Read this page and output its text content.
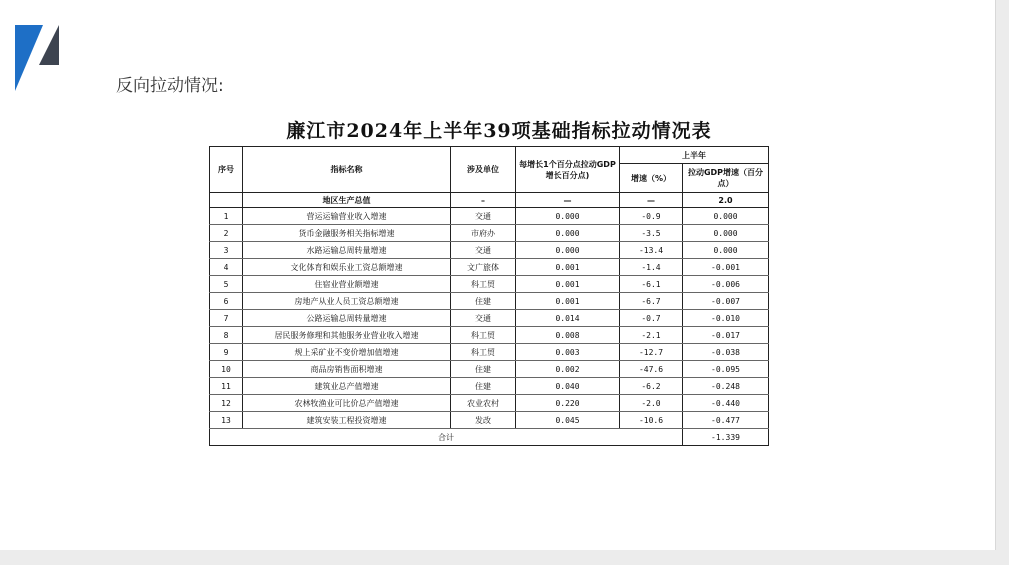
反向拉动情况:
廉江市2024年上半年39项基础指标拉动情况表
序号	指标名称	涉及单位	每增长1个百分点拉动GDP增长百分点)	上半年	
				增速（%）	拉动GDP增速（百分点）
	地区生产总值	–	—	—	2.0
1	营运运输营业收入增速	交通	0.000	-0.9	0.000
2	货币金融服务相关指标增速	市府办	0.000	-3.5	0.000
3	水路运输总周转量增速	交通	0.000	-13.4	0.000
4	文化体育和娱乐业工资总额增速	文广旅体	0.001	-1.4	-0.001
5	住宿业营业额增速	科工贸	0.001	-6.1	-0.006
6	房地产从业人员工资总额增速	住建	0.001	-6.7	-0.007
7	公路运输总周转量增速	交通	0.014	-0.7	-0.010
8	居民服务修理和其他服务业营业收入增速	科工贸	0.008	-2.1	-0.017
9	规上采矿业不变价增加值增速	科工贸	0.003	-12.7	-0.038
10	商品房销售面积增速	住建	0.002	-47.6	-0.095
11	建筑业总产值增速	住建	0.040	-6.2	-0.248
12	农林牧渔业可比价总产值增速	农业农村	0.220	-2.0	-0.440
13	建筑安装工程投资增速	发改	0.045	-10.6	-0.477
合计					-1.339
